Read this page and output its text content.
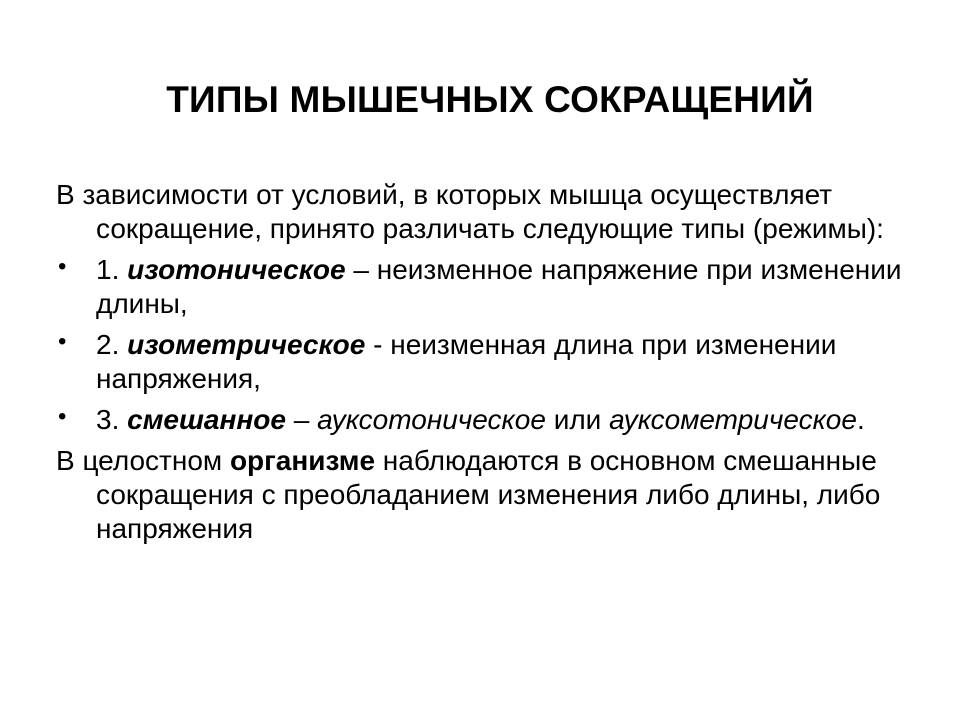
ТИПЫ МЫШЕЧНЫХ СОКРАЩЕНИЙ

В зависимости от условий, в которых мышца осуществляет сокращение, принято различать следующие типы (режимы):

• 1. изотоническое – неизменное напряжение при изменении длины,

• 2. изометрическое - неизменная длина при изменении напряжения,

• 3. смешанное – ауксотоническое или ауксометрическое.

В целостном организме наблюдаются в основном смешанные сокращения с преобладанием изменения либо длины, либо напряжения
